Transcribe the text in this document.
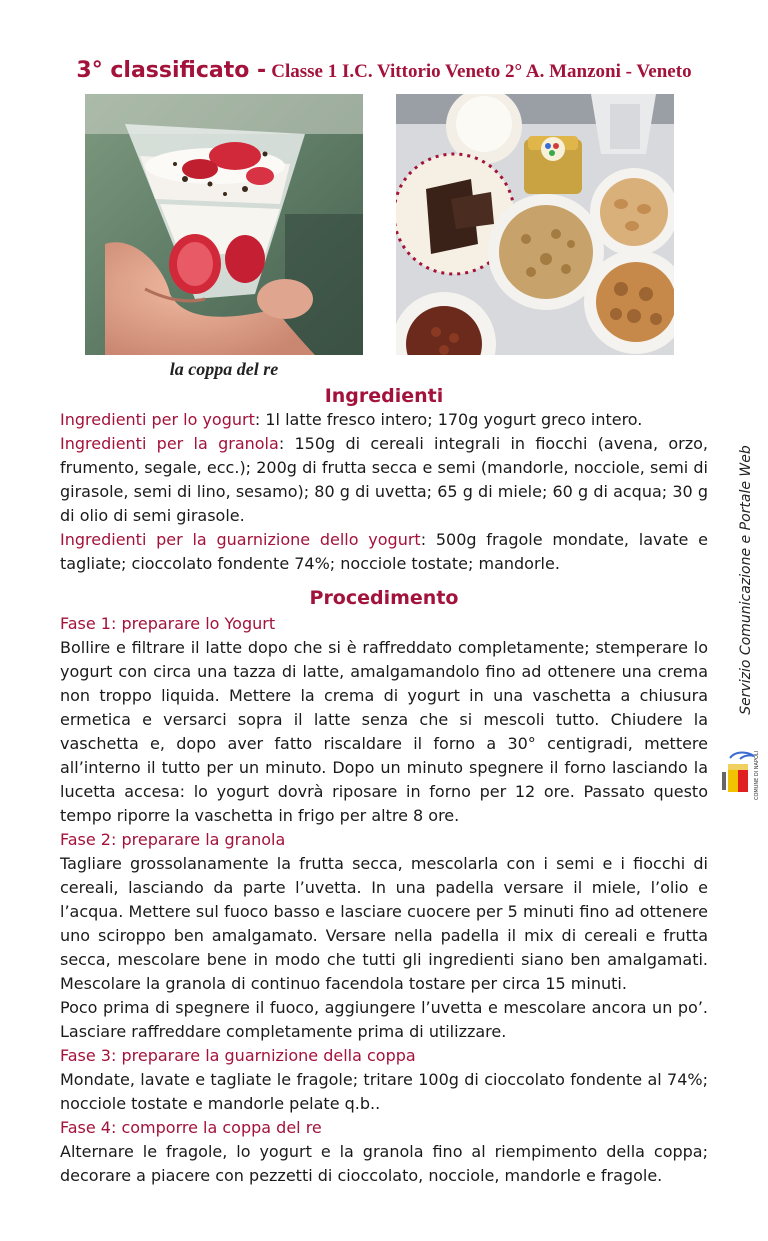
3° classificato - Classe 1 I.C. Vittorio Veneto 2° A. Manzoni - Veneto
la coppa del re

Ingredienti

Ingredienti per lo yogurt: 1l latte fresco intero; 170g yogurt greco intero.

Ingredienti per la granola: 150g di cereali integrali in fiocchi (avena, orzo, frumento, segale, ecc.); 200g di frutta secca e semi (mandorle, nocciole, semi di girasole, semi di lino, sesamo); 80 g di uvetta; 65 g di miele; 60 g di acqua; 30 g di olio di semi girasole.

Ingredienti per la guarnizione dello yogurt: 500g fragole mondate, lavate e tagliate; cioccolato fondente 74%; nocciole tostate; mandorle.

Procedimento

Fase 1: preparare lo Yogurt

Bollire e filtrare il latte dopo che si è raffreddato completamente; stemperare lo yogurt con circa una tazza di latte, amalgamandolo fino ad ottenere una crema non troppo liquida. Mettere la crema di yogurt in una vaschetta a chiusura ermetica e versarci sopra il latte senza che si mescoli tutto. Chiudere la vaschetta e, dopo aver fatto riscaldare il forno a 30° centigradi, mettere all’interno il tutto per un minuto. Dopo un minuto spegnere il forno lasciando la lucetta accesa: lo yogurt dovrà riposare in forno per 12 ore. Passato questo tempo riporre la vaschetta in frigo per altre 8 ore.

Fase 2: preparare la granola

Tagliare grossolanamente la frutta secca, mescolarla con i semi e i fiocchi di cereali, lasciando da parte l’uvetta. In una padella versare il miele, l’olio e l’acqua. Mettere sul fuoco basso e lasciare cuocere per 5 minuti fino ad ottenere uno sciroppo ben amalgamato. Versare nella padella il mix di cereali e frutta secca, mescolare bene in modo che tutti gli ingredienti siano ben amalgamati. Mescolare la granola di continuo facendola tostare per circa 15 minuti.

Poco prima di spegnere il fuoco, aggiungere l’uvetta e mescolare ancora un po’. Lasciare raffreddare completamente prima di utilizzare.

Fase 3: preparare la guarnizione della coppa

Mondate, lavate e tagliate le fragole; tritare 100g di cioccolato fondente al 74%; nocciole tostate e mandorle pelate q.b..

Fase 4: comporre la coppa del re

Alternare le fragole, lo yogurt e la granola fino al riempimento della coppa; decorare a piacere con pezzetti di cioccolato, nocciole, mandorle e fragole.

Servizio Comunicazione e Portale Web
COMUNE DI NAPOLI
